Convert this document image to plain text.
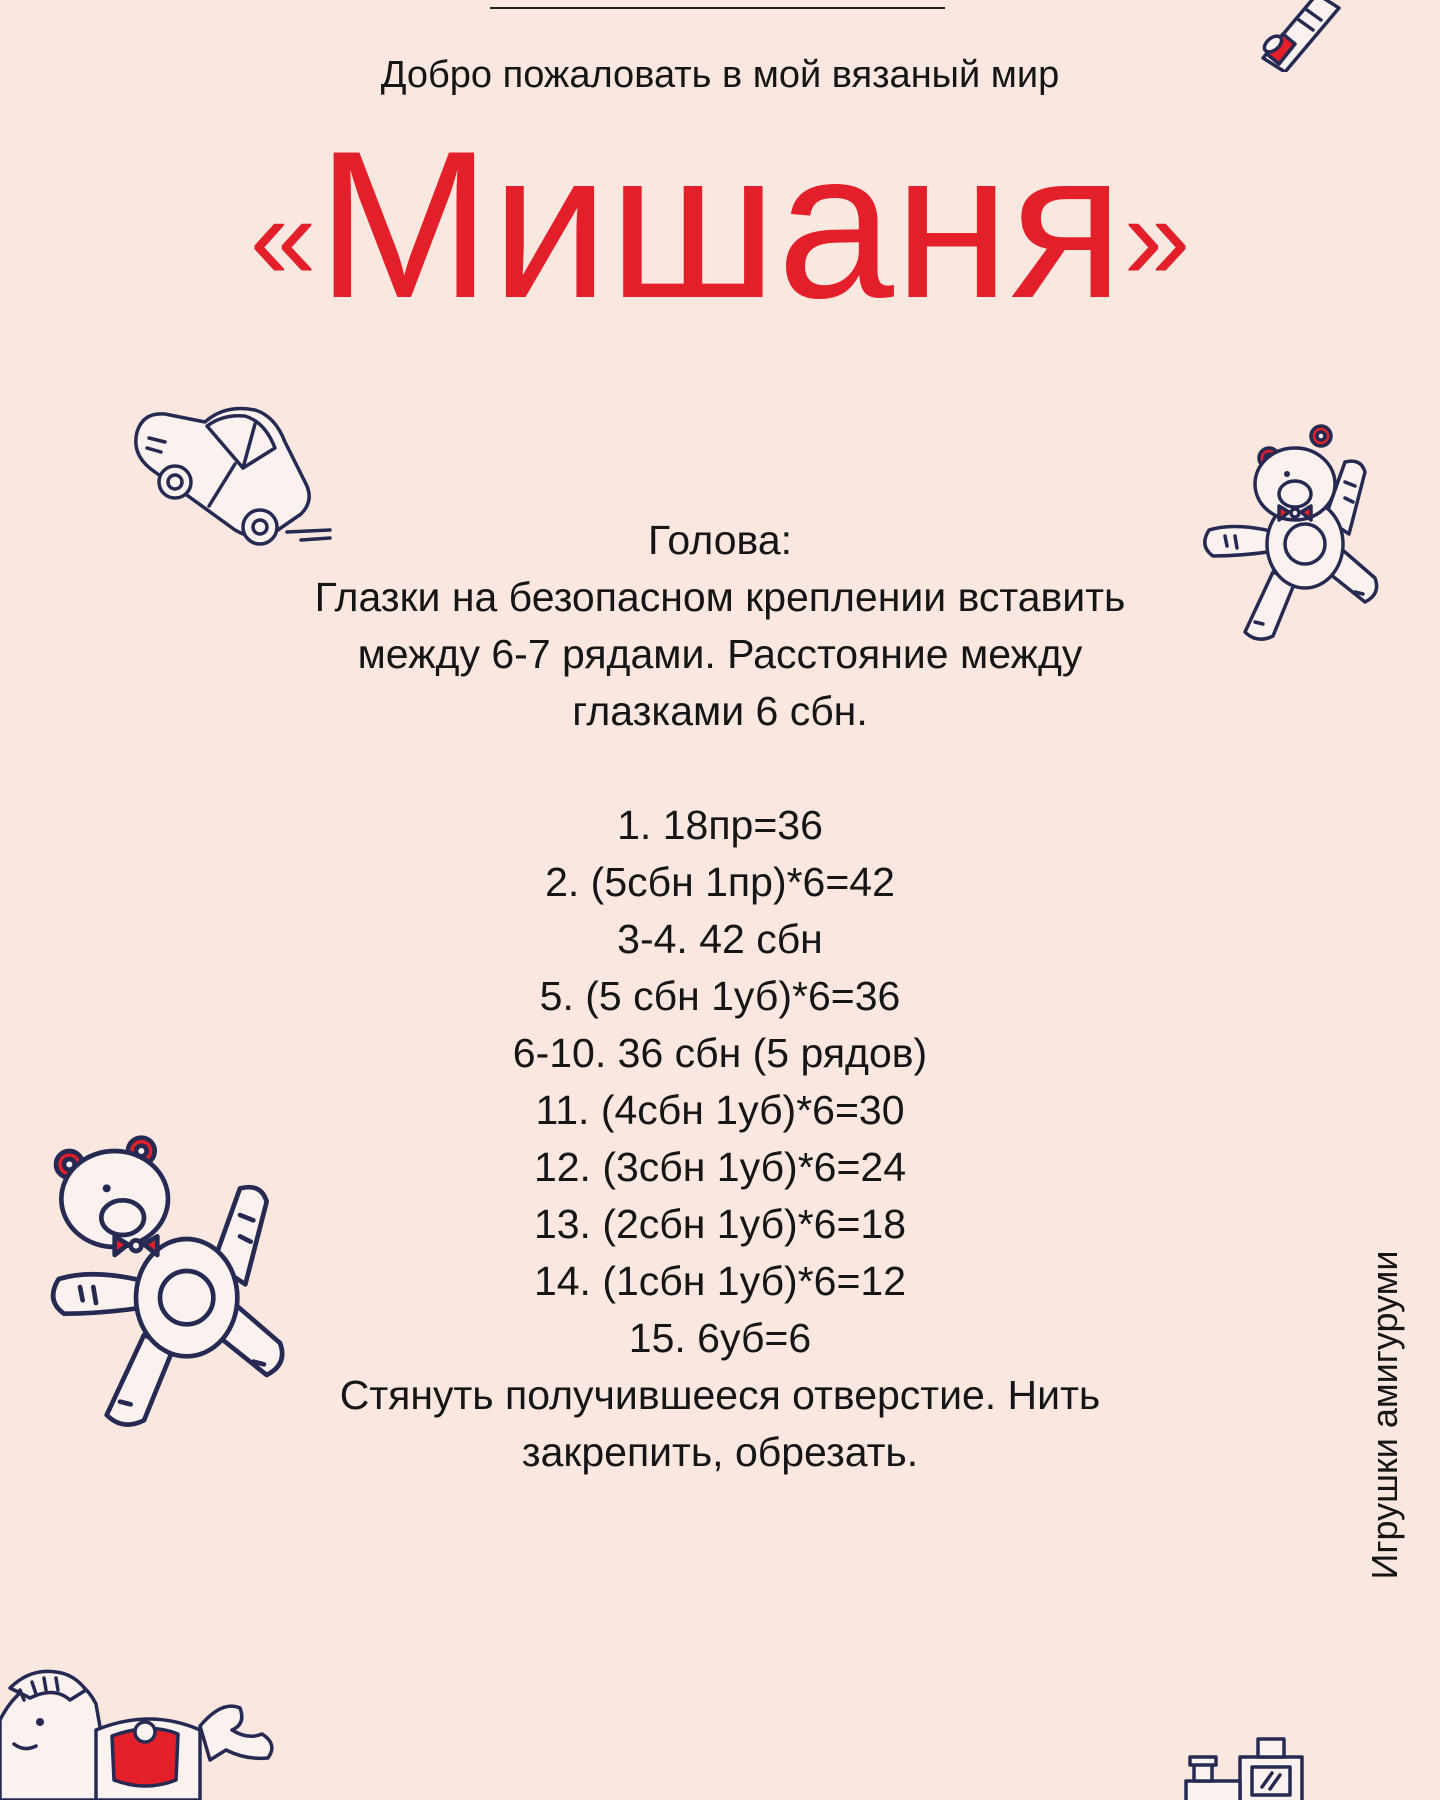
Добро пожаловать в мой вязаный мир
«Мишаня»

Голова:

Глазки на безопасном креплении вставить

между 6-7 рядами. Расстояние между

глазками 6 сбн.

1. 18пр=36

2. (5сбн 1пр)*6=42

3-4. 42 сбн

5. (5 сбн 1уб)*6=36

6-10. 36 сбн (5 рядов)

11. (4сбн 1уб)*6=30

12. (3сбн 1уб)*6=24

13. (2сбн 1уб)*6=18

14. (1сбн 1уб)*6=12

15. 6уб=6

Стянуть получившееся отверстие. Нить

закрепить, обрезать.	Игрушки амигуруми
